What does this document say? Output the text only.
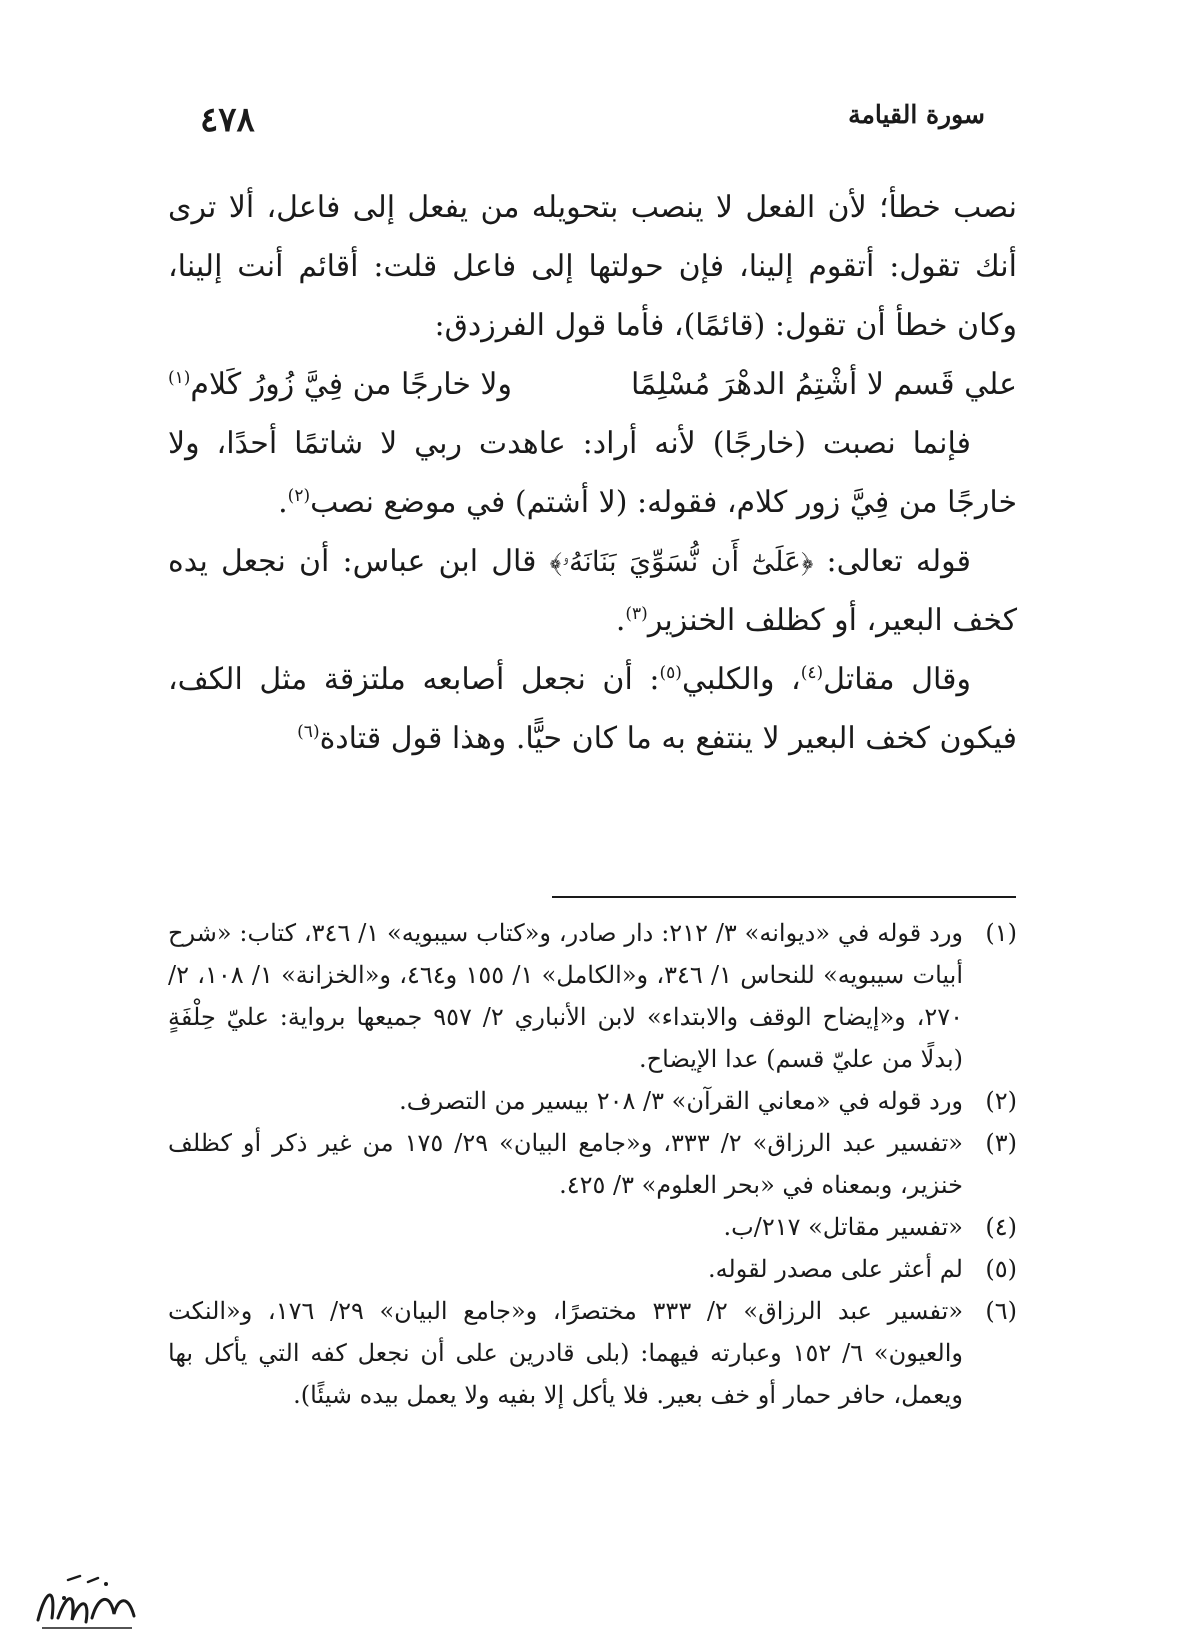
٤٧٨	سورة القيامة

نصب خطأ؛ لأن الفعل لا ينصب بتحويله من يفعل إلى فاعل، ألا ترى أنك تقول: أتقوم إلينا، فإن حولتها إلى فاعل قلت: أقائم أنت إلينا، وكان خطأ أن تقول: (قائمًا)، فأما قول الفرزدق:

علي قَسم لا أشْتِمُ الدهْرَ مُسْلِمًا
ولا خارجًا من فِيَّ زُورُ كَلام$^{(١)}$

فإنما نصبت (خارجًا) لأنه أراد: عاهدت ربي لا شاتمًا أحدًا، ولا خارجًا من فِيَّ زور كلام، فقوله: (لا أشتم) في موضع نصب$^{(٢)}$.

قوله تعالى: ﴿عَلَىٰٓ أَن نُّسَوِّيَ بَنَانَهُۥ﴾ قال ابن عباس: أن نجعل يده كخف البعير، أو كظلف الخنزير$^{(٣)}$.

وقال مقاتل$^{(٤)}$، والكلبي$^{(٥)}$: أن نجعل أصابعه ملتزقة مثل الكف، فيكون كخف البعير لا ينتفع به ما كان حيًّا. وهذا قول قتادة$^{(٦)}$

(١)
ورد قوله في «ديوانه» ٣/ ٢١٢: دار صادر، و«كتاب سيبويه» ١/ ٣٤٦، كتاب: «شرح أبيات سيبويه» للنحاس ١/ ٣٤٦، و«الكامل» ١/ ١٥٥ و٤٦٤، و«الخزانة» ١/ ١٠٨، ٢/ ٢٧٠، و«إيضاح الوقف والابتداء» لابن الأنباري ٢/ ٩٥٧ جميعها برواية: عليّ حِلْفَةٍ (بدلًا من عليّ قسم) عدا الإيضاح.
(٢)
ورد قوله في «معاني القرآن» ٣/ ٢٠٨ بيسير من التصرف.
(٣)
«تفسير عبد الرزاق» ٢/ ٣٣٣، و«جامع البيان» ٢٩/ ١٧٥ من غير ذكر أو كظلف خنزير، وبمعناه في «بحر العلوم» ٣/ ٤٢٥.
(٤)
«تفسير مقاتل» ٢١٧/ب.
(٥)
لم أعثر على مصدر لقوله.
(٦)
«تفسير عبد الرزاق» ٢/ ٣٣٣ مختصرًا، و«جامع البيان» ٢٩/ ١٧٦، و«النكت والعيون» ٦/ ١٥٢ وعبارته فيهما: (بلى قادرين على أن نجعل كفه التي يأكل بها ويعمل، حافر حمار أو خف بعير. فلا يأكل إلا بفيه ولا يعمل بيده شيئًا).
